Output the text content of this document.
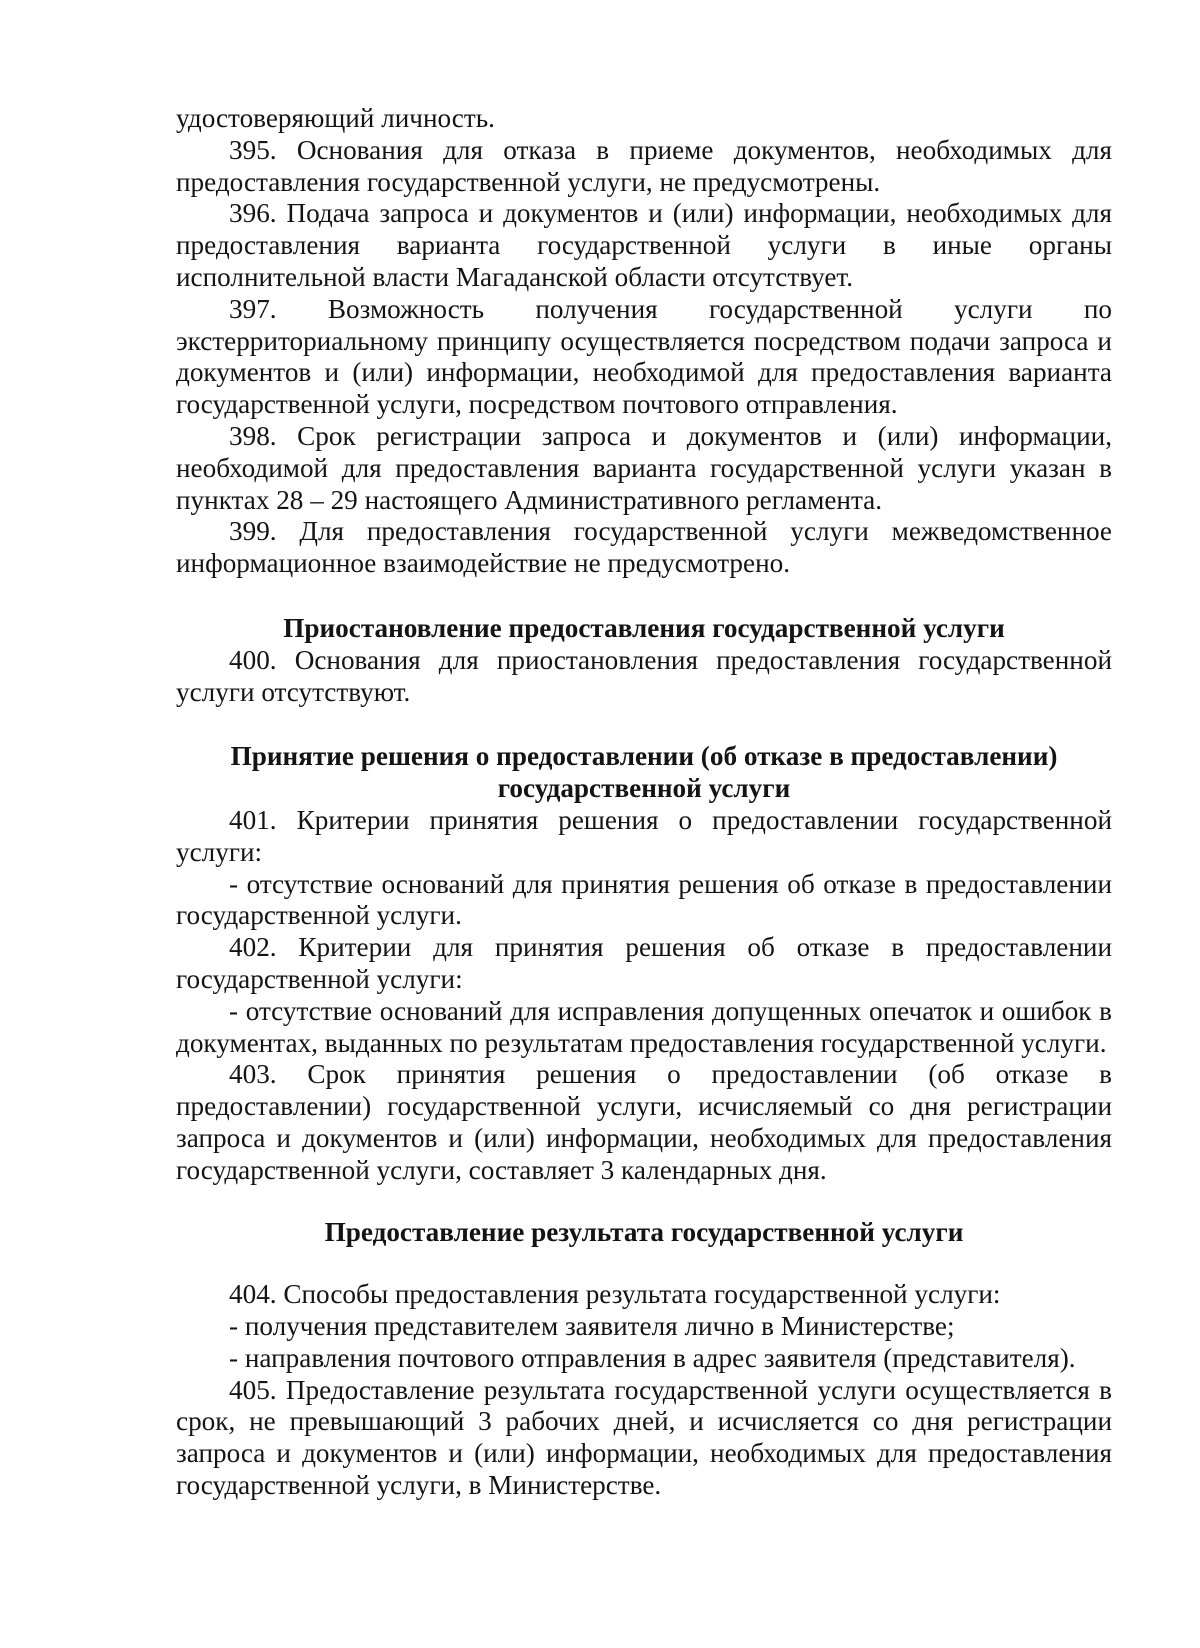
удостоверяющий личность.

395. Основания для отказа в приеме документов, необходимых для предоставления государственной услуги, не предусмотрены.

396. Подача запроса и документов и (или) информации, необходимых для предоставления варианта государственной услуги в иные органы исполнительной власти Магаданской области отсутствует.

397. Возможность получения государственной услуги по экстерриториальному принципу осуществляется посредством подачи запроса и документов и (или) информации, необходимой для предоставления варианта государственной услуги, посредством почтового отправления.

398. Срок регистрации запроса и документов и (или) информации, необходимой для предоставления варианта государственной услуги указан в пунктах 28 – 29 настоящего Административного регламента.

399. Для предоставления государственной услуги межведомственное информационное взаимодействие не предусмотрено.

Приостановление предоставления государственной услуги

400. Основания для приостановления предоставления государственной услуги отсутствуют.

Принятие решения о предоставлении (об отказе в предоставлении)

государственной услуги

401. Критерии принятия решения о предоставлении государственной услуги:

- отсутствие оснований для принятия решения об отказе в предоставлении государственной услуги.

402. Критерии для принятия решения об отказе в предоставлении государственной услуги:

- отсутствие оснований для исправления допущенных опечаток и ошибок в документах, выданных по результатам предоставления государственной услуги.

403. Срок принятия решения о предоставлении (об отказе в предоставлении) государственной услуги, исчисляемый со дня регистрации запроса и документов и (или) информации, необходимых для предоставления государственной услуги, составляет 3 календарных дня.

Предоставление результата государственной услуги

404. Способы предоставления результата государственной услуги:

- получения представителем заявителя лично в Министерстве;

- направления почтового отправления в адрес заявителя (представителя).

405. Предоставление результата государственной услуги осуществляется в срок, не превышающий 3 рабочих дней, и исчисляется со дня регистрации запроса и документов и (или) информации, необходимых для предоставления государственной услуги, в Министерстве.
